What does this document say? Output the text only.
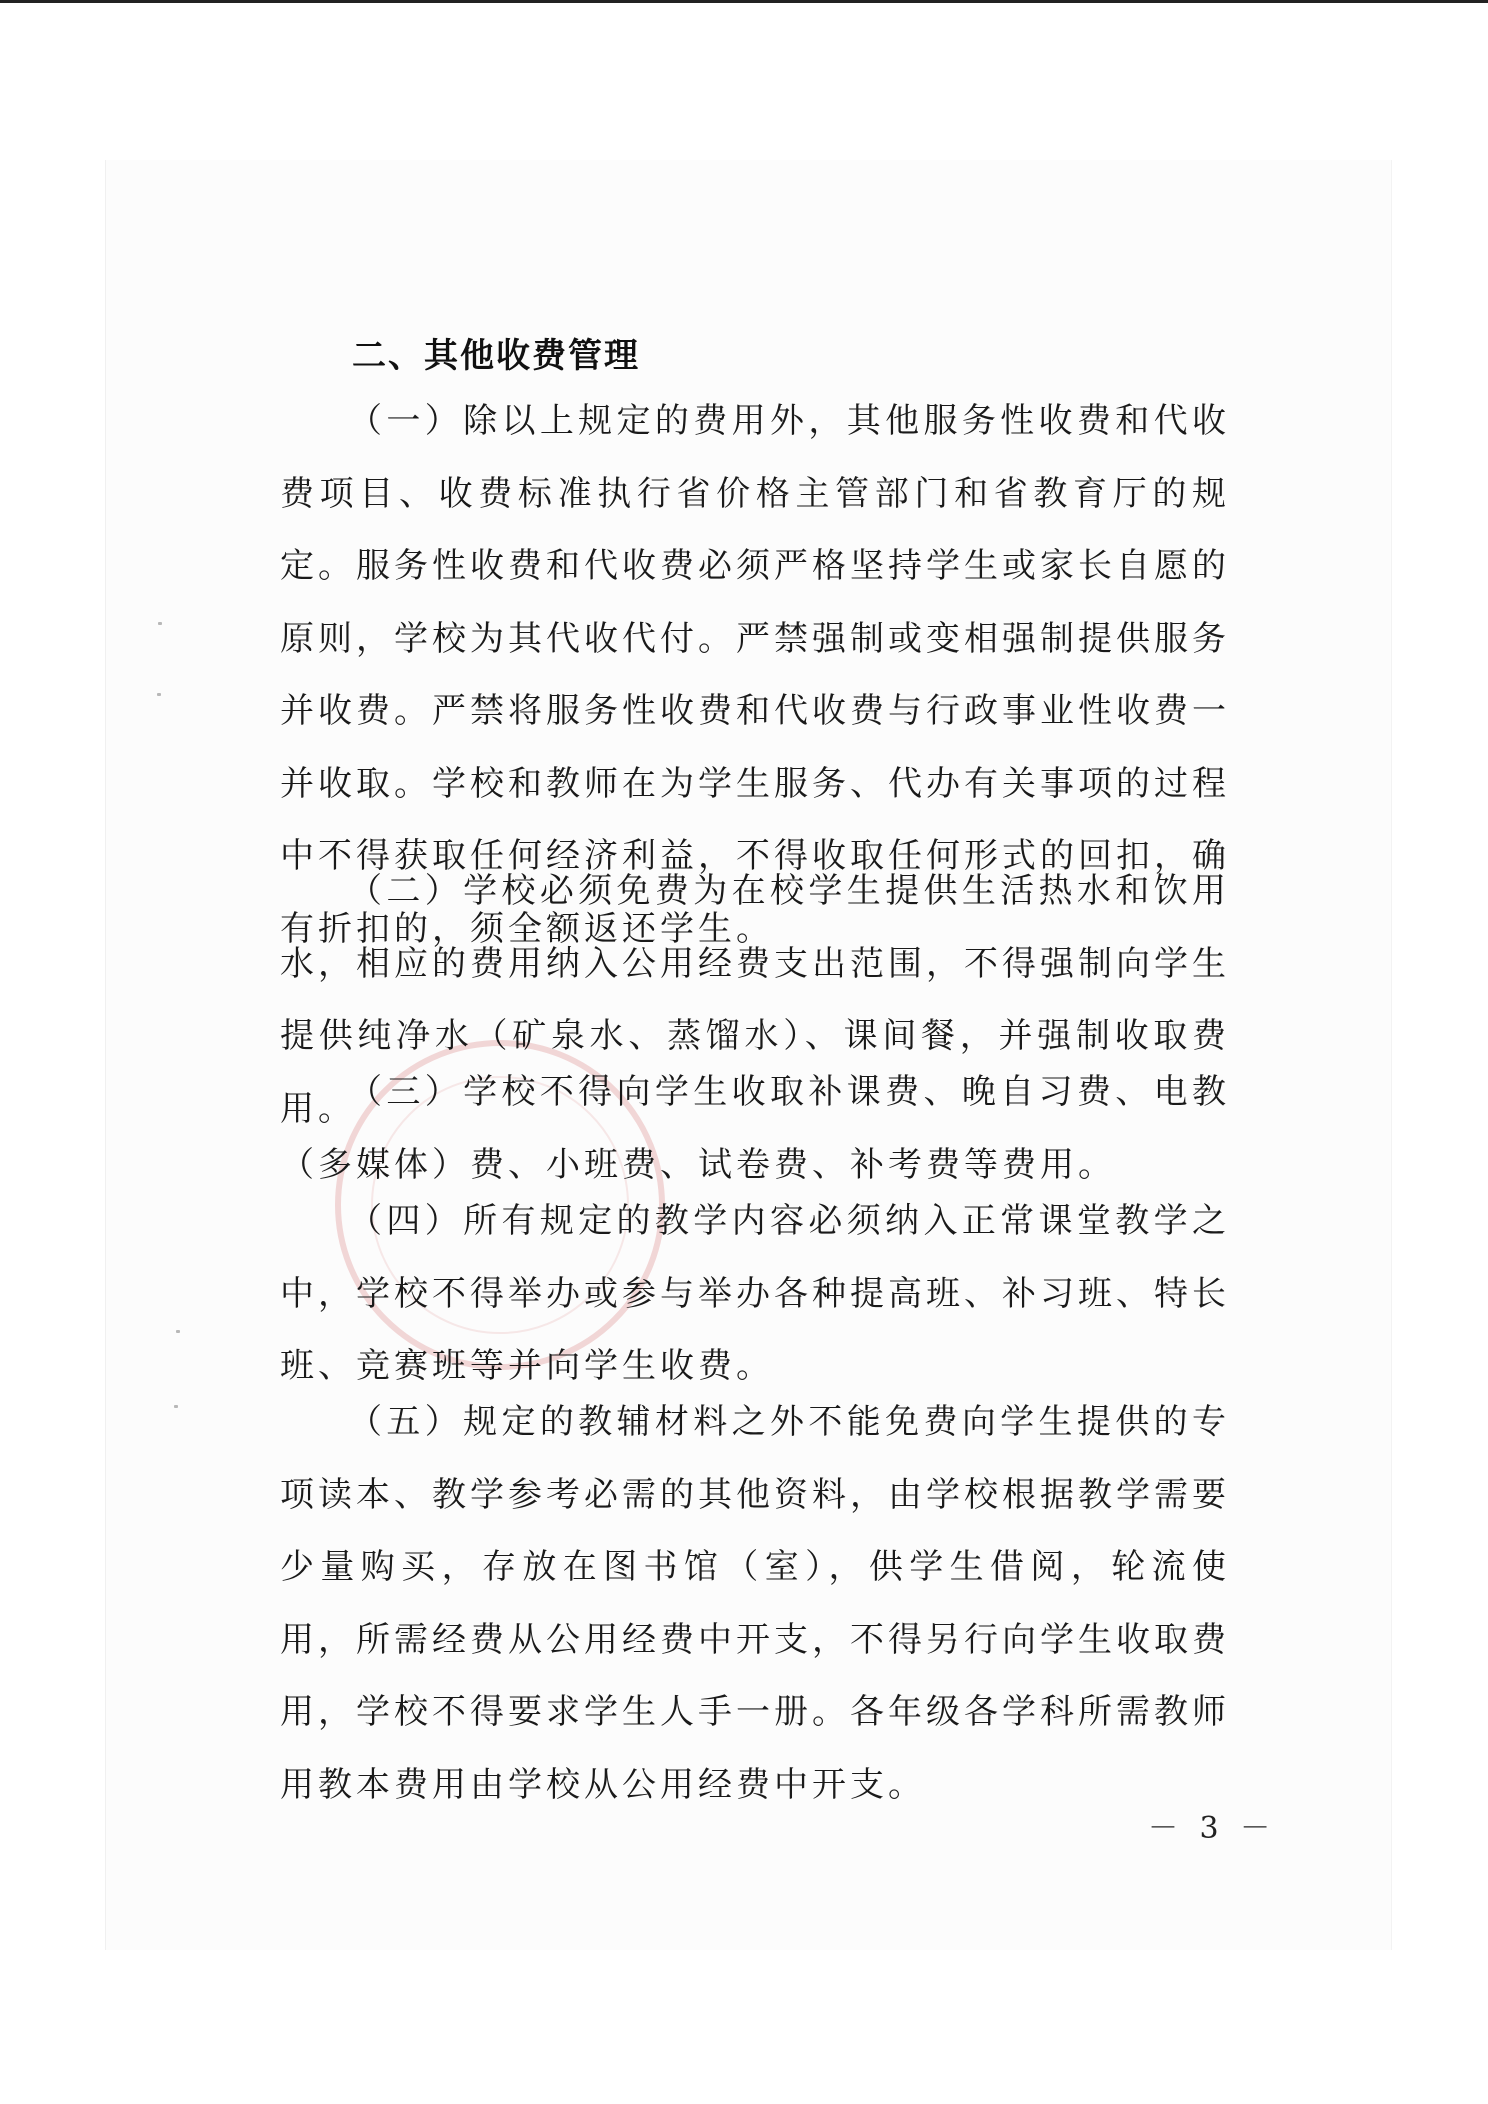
二、其他收费管理

（一）除以上规定的费用外，其他服务性收费和代收费项目、收费标准执行省价格主管部门和省教育厅的规定。服务性收费和代收费必须严格坚持学生或家长自愿的原则，学校为其代收代付。严禁强制或变相强制提供服务并收费。严禁将服务性收费和代收费与行政事业性收费一并收取。学校和教师在为学生服务、代办有关事项的过程中不得获取任何经济利益，不得收取任何形式的回扣，确有折扣的，须全额返还学生。

（二）学校必须免费为在校学生提供生活热水和饮用水，相应的费用纳入公用经费支出范围，不得强制向学生提供纯净水（矿泉水、蒸馏水）、课间餐，并强制收取费用。

（三）学校不得向学生收取补课费、晚自习费、电教（多媒体）费、小班费、试卷费、补考费等费用。

（四）所有规定的教学内容必须纳入正常课堂教学之中，学校不得举办或参与举办各种提高班、补习班、特长班、竞赛班等并向学生收费。

（五）规定的教辅材料之外不能免费向学生提供的专项读本、教学参考必需的其他资料，由学校根据教学需要少量购买，存放在图书馆（室），供学生借阅，轮流使用，所需经费从公用经费中开支，不得另行向学生收取费用，学校不得要求学生人手一册。各年级各学科所需教师用教本费用由学校从公用经费中开支。

－ 3 －
